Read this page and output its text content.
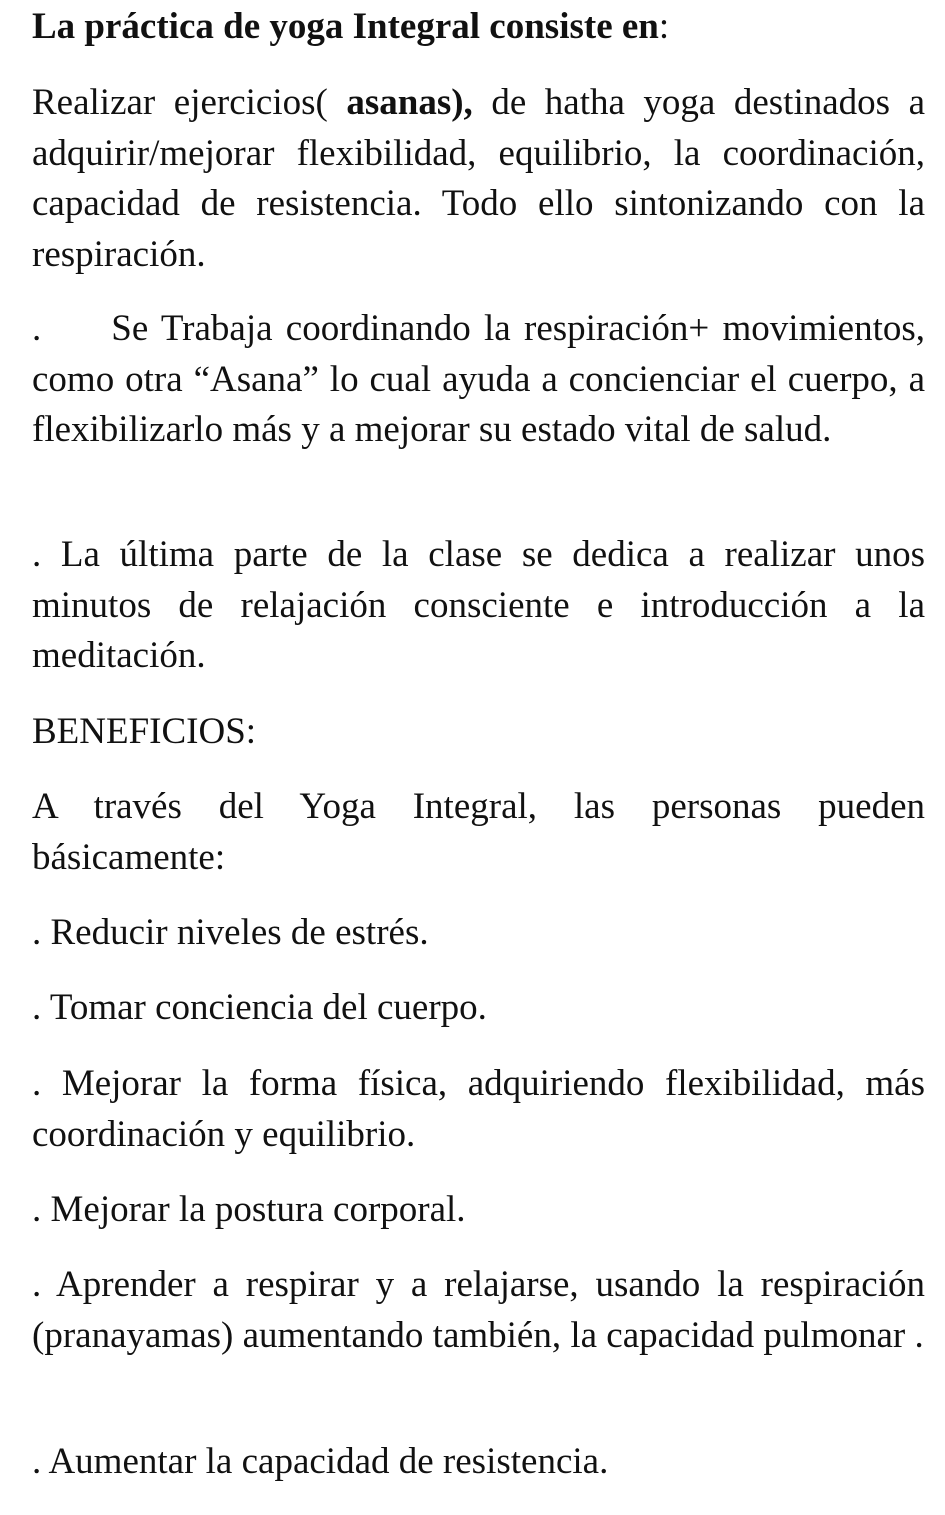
La práctica de yoga Integral consiste en:

Realizar ejercicios( asanas), de hatha yoga destinados a adquirir/mejorar flexibilidad, equilibrio, la coordinación, capacidad de resistencia. Todo ello sintonizando con la respiración.

. Se Trabaja coordinando la respiración+ movimientos, como otra “Asana” lo cual ayuda a concienciar el cuerpo, a flexibilizarlo más y a mejorar su estado vital de salud.

. La última parte de la clase se dedica a realizar unos minutos de relajación consciente e introducción a la meditación.

BENEFICIOS:

A través del Yoga Integral, las personas pueden básicamente:

. Reducir niveles de estrés.

. Tomar conciencia del cuerpo.

. Mejorar la forma física, adquiriendo flexibilidad, más coordinación y equilibrio.

. Mejorar la postura corporal.

. Aprender a respirar y a relajarse, usando la respiración (pranayamas) aumentando también, la capacidad pulmonar .

. Aumentar la capacidad de resistencia.
